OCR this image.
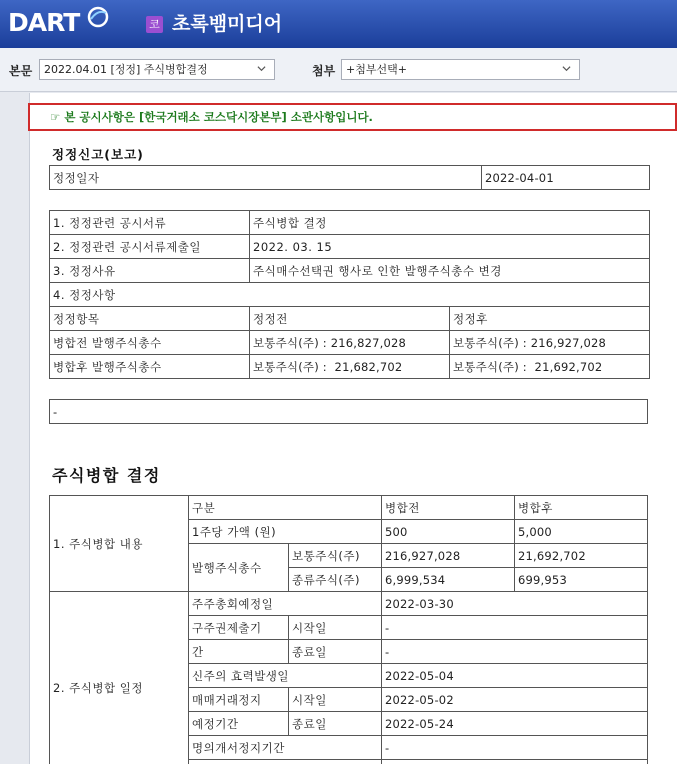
DART	코 초록뱀미디어
본문	2022.04.01 [정정] 주식병합결정	첨부 +첨부선택+
☞ 본 공시사항은 [한국거래소 코스닥시장본부] 소관사항입니다.
정정신고(보고)
정정일자	2022-04-01
1. 정정관련 공시서류	주식병합 결정	
2. 정정관련 공시서류제출일	2022. 03. 15	
3. 정정사유	주식매수선택권 행사로 인한 발행주식총수 변경	
4. 정정사항		
정정항목	정정전	정정후
병합전 발행주식총수	보통주식(주) : 216,827,028	보통주식(주) : 216,927,028
병합후 발행주식총수	보통주식(주) :  21,682,702	보통주식(주) :  21,692,702
-
주식병합 결정
1. 주식병합 내용	구분		병합전	병합후
	1주당 가액 (원)		500	5,000
	발행주식총수	보통주식(주)	216,927,028	21,692,702
		종류주식(주)	6,999,534	699,953
2. 주식병합 일정	주주총회예정일		2022-03-30	
	구주권제출기	시작일	-	
	간	종료일	-	
	신주의 효력발생일		2022-05-04	
	매매거래정지	시작일	2022-05-02	
	예정기간	종료일	2022-05-24	
	명의개서정지기간		-	
